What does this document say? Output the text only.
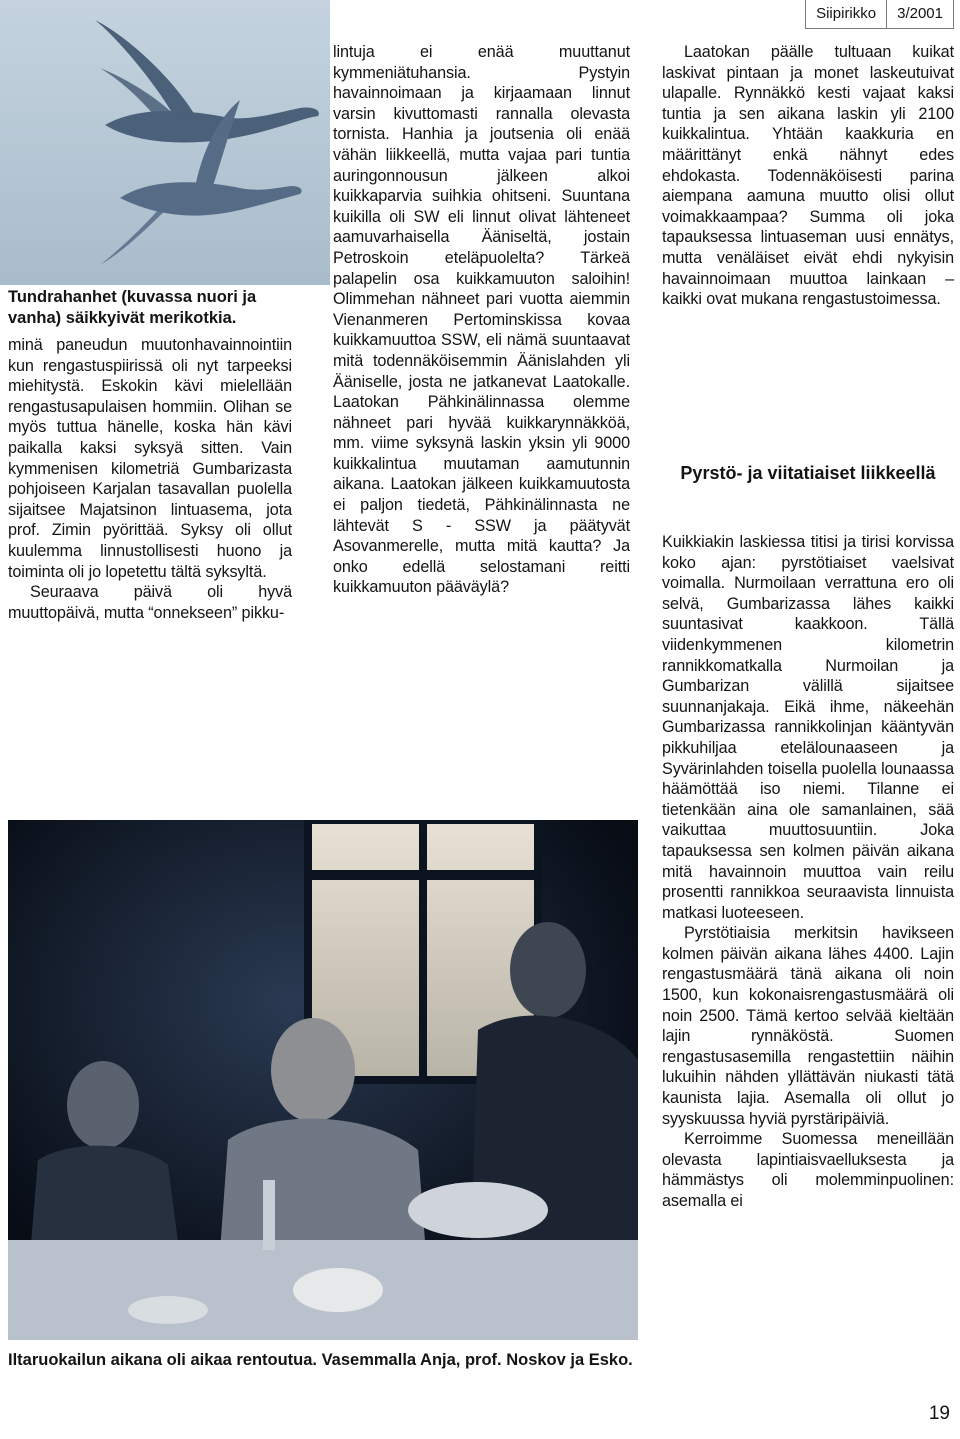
Siipirikko	3/2001
Tundrahanhet (kuvassa nuori ja vanha) säikkyivät merikotkia.

minä paneudun muutonhavainnointiin kun rengastuspiirissä oli nyt tarpeeksi miehitystä. Eskokin kävi mielellään rengastusapulaisen hommiin. Olihan se myös tuttua hänelle, koska hän kävi paikalla kaksi syksyä sitten. Vain kymmenisen kilometriä Gumbarizasta pohjoiseen Karjalan tasavallan puolella sijaitsee Majatsinon lintuasema, jota prof. Zimin pyörittää. Syksy oli ollut kuulemma linnustollisesti huono ja toiminta oli jo lopetettu tältä syksyltä.

Seuraava päivä oli hyvä muuttopäivä, mutta “onnekseen” pikku-

lintuja ei enää muuttanut kymmeniätuhansia. Pystyin havainnoimaan ja kirjaamaan linnut varsin kivuttomasti rannalla olevasta tornista. Hanhia ja joutsenia oli enää vähän liikkeellä, mutta vajaa pari tuntia auringonnousun jälkeen alkoi kuikkaparvia suihkia ohitseni. Suuntana kuikilla oli SW eli linnut olivat lähteneet aamuvarhaisella Ääniseltä, jostain Petroskoin eteläpuolelta? Tärkeä palapelin osa kuikkamuuton saloihin! Olimmehan nähneet pari vuotta aiemmin Vienanmeren Pertominskissa kovaa kuikkamuuttoa SSW, eli nämä suuntaavat mitä todennäköisemmin Äänislahden yli Ääniselle, josta ne jatkanevat Laatokalle. Laatokan Pähkinälinnassa olemme nähneet pari hyvää kuikkarynnäkköä, mm. viime syksynä laskin yksin yli 9000 kuikkalintua muutaman aamutunnin aikana. Laatokan jälkeen kuikkamuutosta ei paljon tiedetä, Pähkinälinnasta ne lähtevät S - SSW ja päätyvät Asovanmerelle, mutta mitä kautta? Ja onko edellä selostamani reitti kuikkamuuton pääväylä?

Laatokan päälle tultuaan kuikat laskivat pintaan ja monet laskeutuivat ulapalle. Rynnäkkö kesti vajaat kaksi tuntia ja sen aikana laskin yli 2100 kuikkalintua. Yhtään kaakkuria en määrittänyt enkä nähnyt edes ehdokasta. Todennäköisesti parina aiempana aamuna muutto olisi ollut voimakkaampaa? Summa oli joka tapauksessa lintuaseman uusi ennätys, mutta venäläiset eivät ehdi nykyisin havainnoimaan muuttoa lainkaan – kaikki ovat mukana rengastustoimessa.

Pyrstö- ja viitatiaiset liikkeellä

Kuikkiakin laskiessa titisi ja tirisi korvissa koko ajan: pyrstötiaiset vaelsivat voimalla. Nurmoilaan verrattuna ero oli selvä, Gumbarizassa lähes kaikki suuntasivat kaakkoon. Tällä viidenkymmenen kilometrin rannikkomatkalla Nurmoilan ja Gumbarizan välillä sijaitsee suunnanjakaja. Eikä ihme, näkeehän Gumbarizassa rannikkolinjan kääntyvän pikkuhiljaa etelälounaaseen ja Syvärinlahden toisella puolella lounaassa häämöttää iso niemi. Tilanne ei tietenkään aina ole samanlainen, sää vaikuttaa muuttosuuntiin. Joka tapauksessa sen kolmen päivän aikana mitä havainnoin muuttoa vain reilu prosentti rannikkoa seuraavista linnuista matkasi luoteeseen.

Pyrstötiaisia merkitsin havikseen kolmen päivän aikana lähes 4400. Lajin rengastusmäärä tänä aikana oli noin 1500, kun kokonaisrengastusmäärä oli noin 2500. Tämä kertoo selvää kieltään lajin rynnäköstä. Suomen rengastusasemilla rengastettiin näihin lukuihin nähden yllättävän niukasti tätä kaunista lajia. Asemalla oli ollut jo syyskuussa hyviä pyrstäripäiviä.

Kerroimme Suomessa meneillään olevasta lapintiaisvaelluksesta ja hämmästys oli molemminpuolinen: asemalla ei

Iltaruokailun aikana oli aikaa rentoutua. Vasemmalla Anja, prof. Noskov ja Esko.
19
